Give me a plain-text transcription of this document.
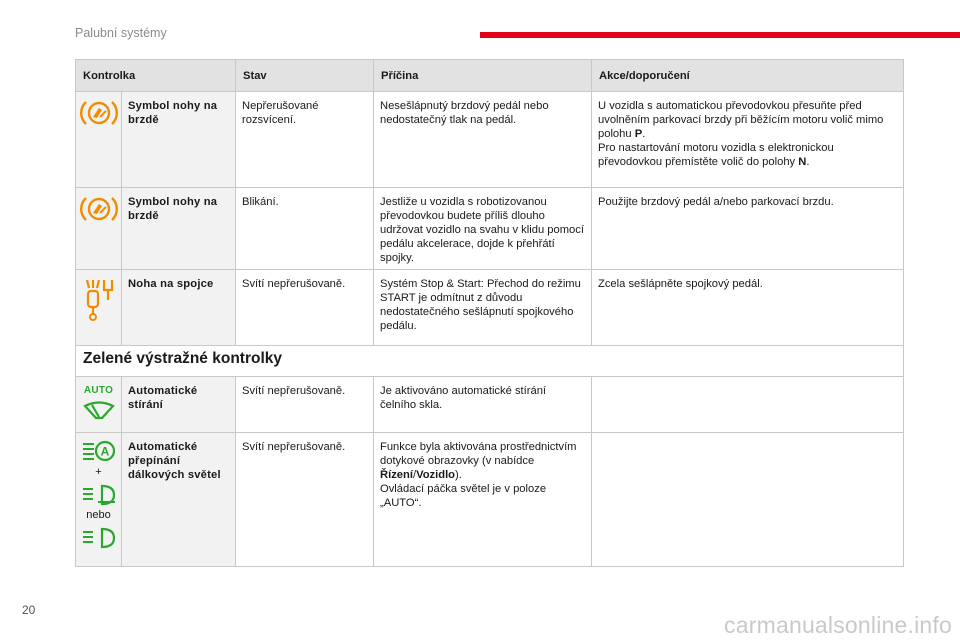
Palubní systémy
Kontrolka		Stav	Příčina	Akce/doporučení

	Symbol nohy na brzdě	Nepřerušované rozsvícení.	Nesešlápnutý brzdový pedál nebo nedostatečný tlak na pedál.	U vozidla s automatickou převodovkou přesuňte před uvolněním parkovací brzdy při běžícím motoru volič mimo polohu P.
Pro nastartování motoru vozidla s elektronickou převodovkou přemístěte volič do polohy N.

	Symbol nohy na brzdě	Blikání.	Jestliže u vozidla s robotizovanou převodovkou budete příliš dlouho udržovat vozidlo na svahu v klidu pomocí pedálu akcelerace, dojde k přehřátí spojky.	Použijte brzdový pedál a/nebo parkovací brzdu.

	Noha na spojce	Svítí nepřerušovaně.	Systém Stop & Start: Přechod do režimu START je odmítnut z důvodu nedostatečného sešlápnutí spojkového pedálu.	Zcela sešlápněte spojkový pedál.
Zelené výstražné kontrolky				

AUTO	Automatické stírání	Svítí nepřerušovaně.	Je aktivováno automatické stírání čelního skla.	

A
+
nebo	Automatické přepínání dálkových světel	Svítí nepřerušovaně.	Funkce byla aktivována prostřednictvím dotykové obrazovky (v nabídce Řízení/Vozidlo).
Ovládací páčka světel je v poloze „AUTO“.	
20
carmanualsonline.info
